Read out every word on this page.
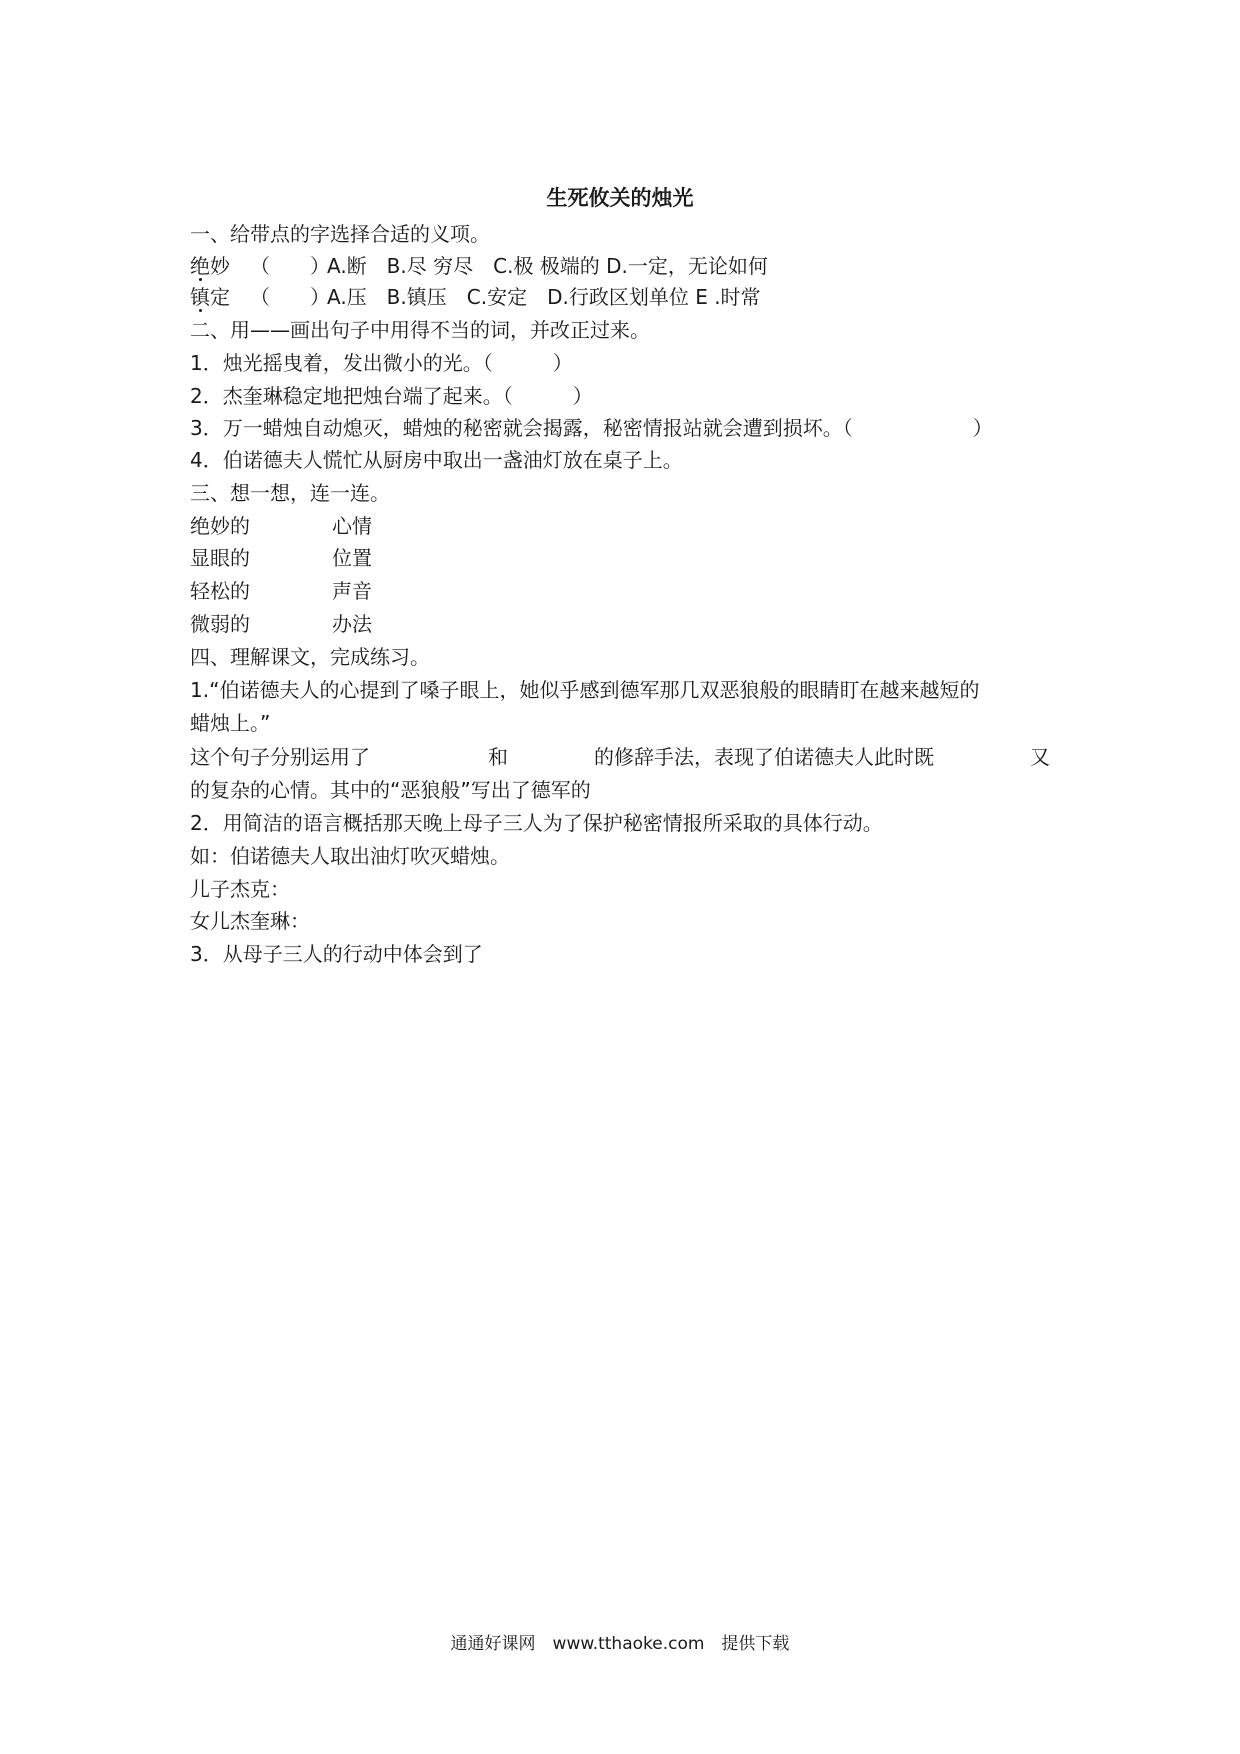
生死攸关的烛光
一、给带点的字选择合适的义项。
绝妙 （　　）
A.断　B.尽 穷尽　C.极 极端的 D.一定，无论如何
镇定 （　　）
A.压　B.镇压　C.安定　D.行政区划单位 E .时常
二、用——画出句子中用得不当的词，并改正过来。
1．烛光摇曳着，发出微小的光。（　　　）
2．杰奎琳稳定地把烛台端了起来。（　　　）
3．万一蜡烛自动熄灭，蜡烛的秘密就会揭露，秘密情报站就会遭到损坏。（　　　　　　）
4．伯诺德夫人慌忙从厨房中取出一盏油灯放在桌子上。
三、想一想，连一连。
绝妙的	心情
显眼的	位置
轻松的	声音
微弱的	办法
四、理解课文，完成练习。
1.“伯诺德夫人的心提到了嗓子眼上，她似乎感到德军那几双恶狼般的眼睛盯在越来越短的
蜡烛上。”
这个句子分别运用了	和	的修辞手法，表现了伯诺德夫人此时既	又
的复杂的心情。其中的“恶狼般”写出了德军的
2．用简洁的语言概括那天晚上母子三人为了保护秘密情报所采取的具体行动。
如：伯诺德夫人取出油灯吹灭蜡烛。
儿子杰克：
女儿杰奎琳：
3．从母子三人的行动中体会到了
通通好课网　www.tthaoke.com　提供下载
